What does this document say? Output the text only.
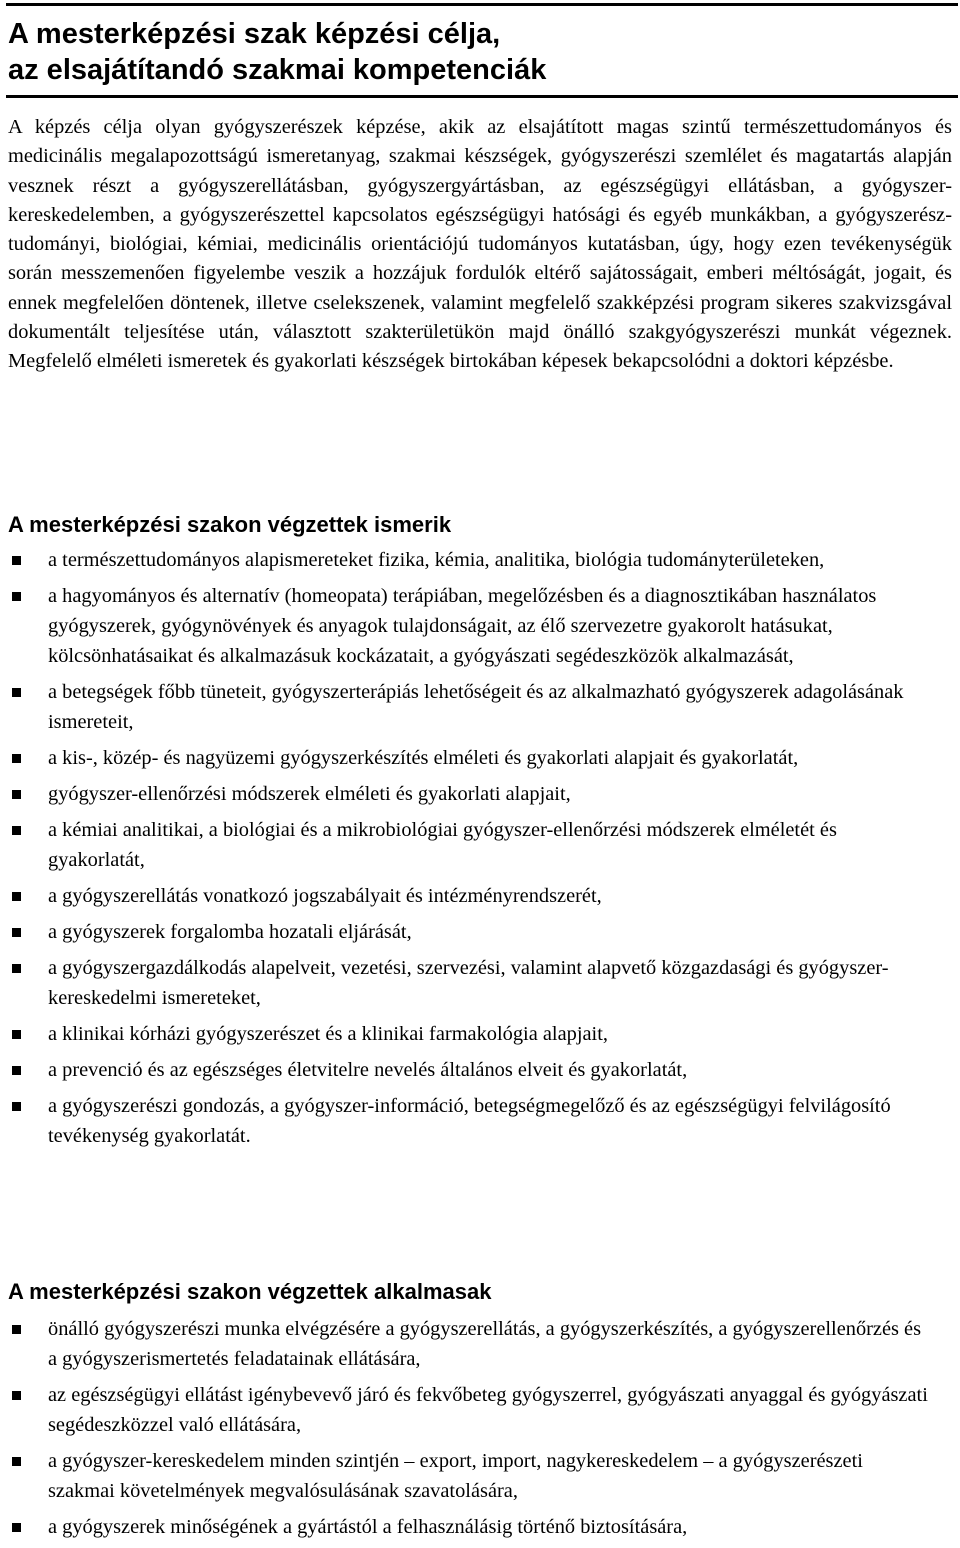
A mesterképzési szak képzési célja,

az elsajátítandó szakmai kompetenciák

A képzés célja olyan gyógyszerészek képzése, akik az elsajátított magas szintű természettudományos és medicinális megalapozottságú ismeretanyag, szakmai készségek, gyógyszerészi szemlélet és magatartás alapján vesznek részt a gyógyszerellátásban, gyógyszergyártásban, az egészségügyi ellátásban, a gyógyszer-kereskedelemben, a gyógyszerészettel kapcsolatos egészségügyi hatósági és egyéb munkákban, a gyógyszerésztudományi, biológiai, kémiai, medicinális orientációjú tudományos kutatásban, úgy, hogy ezen tevékenységük során messzemenően figyelembe veszik a hozzájuk fordulók eltérő sajátosságait, emberi méltóságát, jogait, és ennek megfelelően döntenek, illetve cselekszenek, valamint megfelelő szakképzési program sikeres szakvizsgával dokumentált teljesítése után, választott szakterületükön majd önálló szakgyógyszerészi munkát végeznek. Megfelelő elméleti ismeretek és gyakorlati készségek birtokában képesek bekapcsolódni a doktori képzésbe.

A mesterképzési szakon végzettek ismerik
a természettudományos alapismereteket fizika, kémia, analitika, biológia tudományterületeken,
a hagyományos és alternatív (homeopata) terápiában, megelőzésben és a diagnosztikában használatos gyógyszerek, gyógynövények és anyagok tulajdonságait, az élő szervezetre gyakorolt hatásukat, kölcsönhatásaikat és alkalmazásuk kockázatait, a gyógyászati segédeszközök alkalmazását,
a betegségek főbb tüneteit, gyógyszerterápiás lehetőségeit és az alkalmazható gyógyszerek adagolásának ismereteit,
a kis-, közép- és nagyüzemi gyógyszerkészítés elméleti és gyakorlati alapjait és gyakorlatát,
gyógyszer-ellenőrzési módszerek elméleti és gyakorlati alapjait,
a kémiai analitikai, a biológiai és a mikrobiológiai gyógyszer-ellenőrzési módszerek elméletét és gyakorlatát,
a gyógyszerellátás vonatkozó jogszabályait és intézményrendszerét,
a gyógyszerek forgalomba hozatali eljárását,
a gyógyszergazdálkodás alapelveit, vezetési, szervezési, valamint alapvető közgazdasági és gyógyszer-kereskedelmi ismereteket,
a klinikai kórházi gyógyszerészet és a klinikai farmakológia alapjait,
a prevenció és az egészséges életvitelre nevelés általános elveit és gyakorlatát,
a gyógyszerészi gondozás, a gyógyszer-információ, betegségmegelőző és az egészségügyi felvilágosító tevékenység gyakorlatát.
A mesterképzési szakon végzettek alkalmasak
önálló gyógyszerészi munka elvégzésére a gyógyszerellátás, a gyógyszerkészítés, a gyógyszerellenőrzés és a gyógyszerismertetés feladatainak ellátására,
az egészségügyi ellátást igénybevevő járó és fekvőbeteg gyógyszerrel, gyógyászati anyaggal és gyógyászati segédeszközzel való ellátására,
a gyógyszer-kereskedelem minden szintjén – export, import, nagykereskedelem – a gyógyszerészeti szakmai követelmények megvalósulásának szavatolására,
a gyógyszerek minőségének a gyártástól a felhasználásig történő biztosítására,
